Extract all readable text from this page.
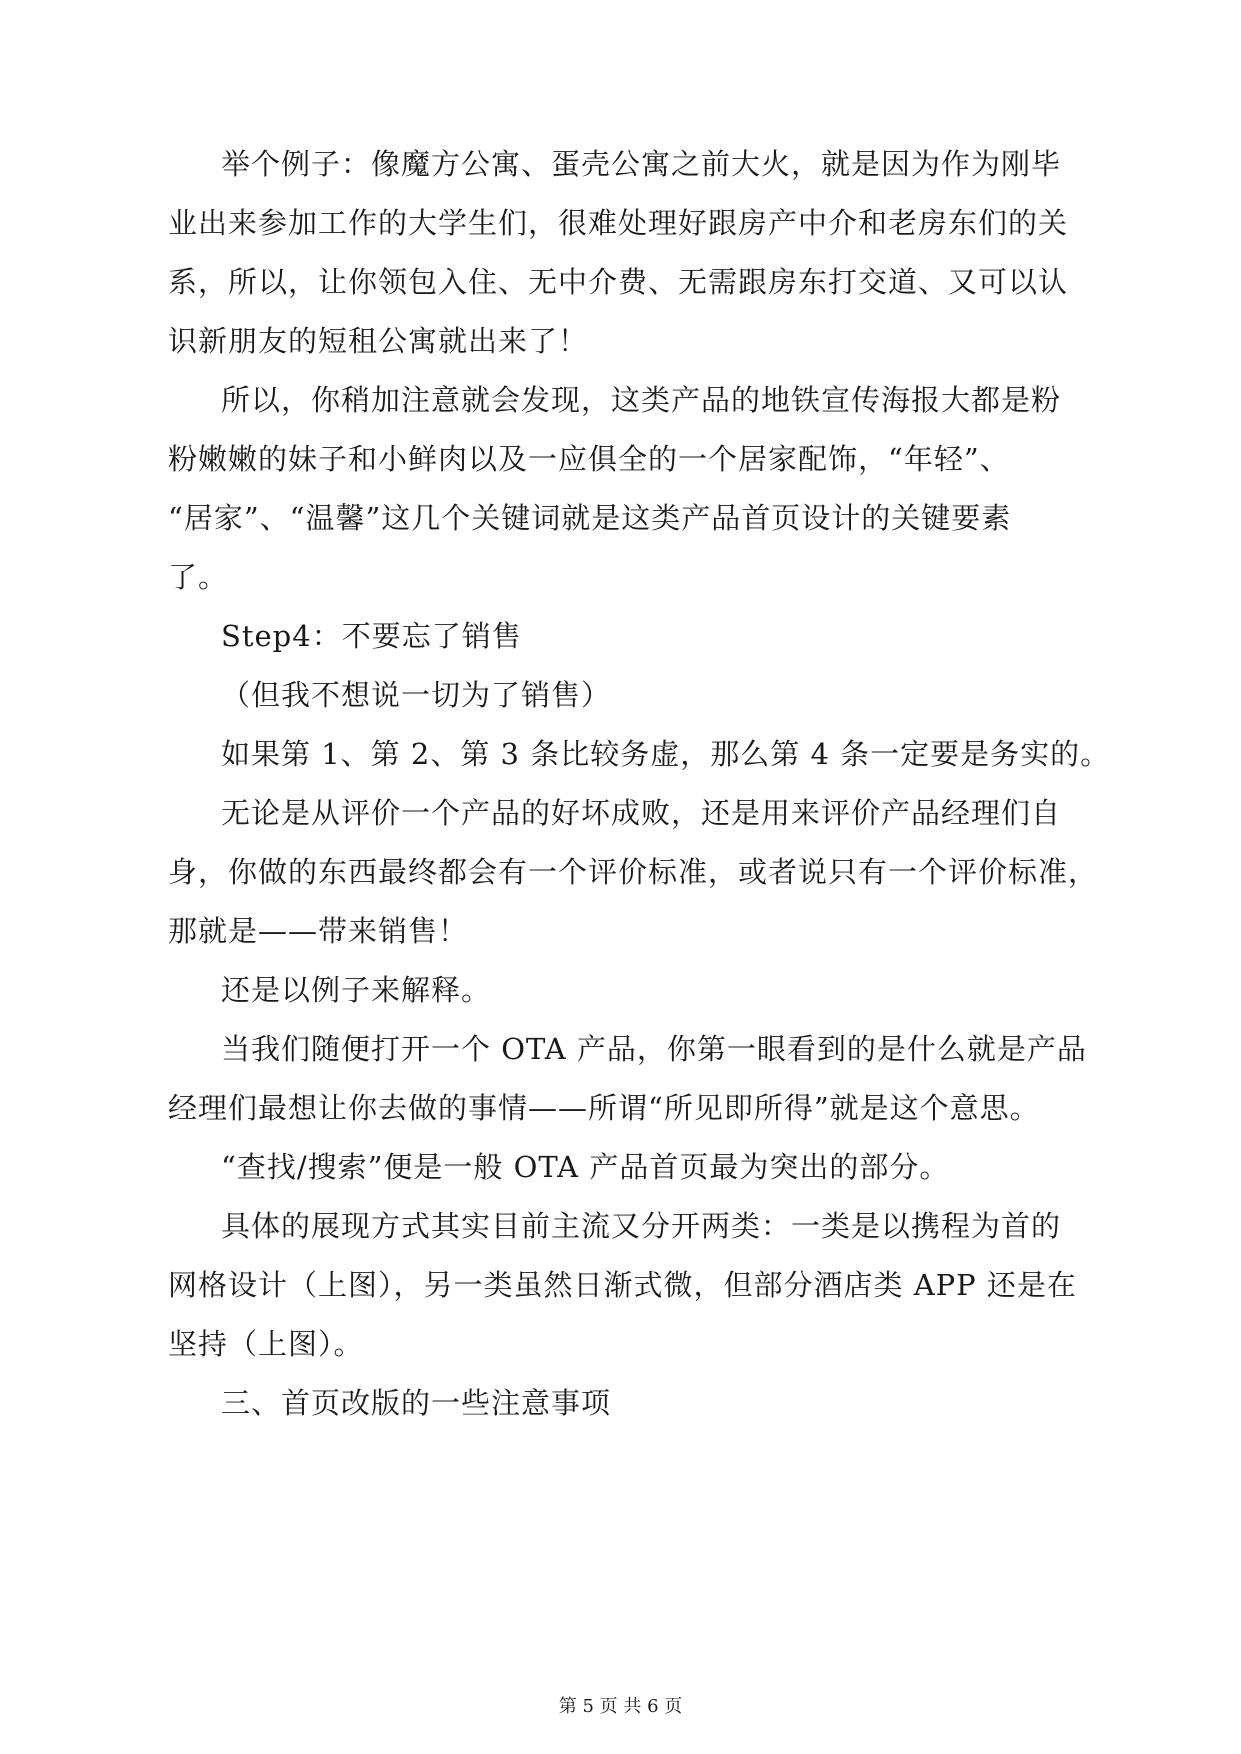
举个例子：像魔方公寓、蛋壳公寓之前大火，就是因为作为刚毕
业出来参加工作的大学生们，很难处理好跟房产中介和老房东们的关
系，所以，让你领包入住、无中介费、无需跟房东打交道、又可以认
识新朋友的短租公寓就出来了！
所以，你稍加注意就会发现，这类产品的地铁宣传海报大都是粉
粉嫩嫩的妹子和小鲜肉以及一应俱全的一个居家配饰，“年轻”、
“居家”、“温馨”这几个关键词就是这类产品首页设计的关键要素
了。
Step4：不要忘了销售
（但我不想说一切为了销售）
如果第 1、第 2、第 3 条比较务虚，那么第 4 条一定要是务实的。
无论是从评价一个产品的好坏成败，还是用来评价产品经理们自
身，你做的东西最终都会有一个评价标准，或者说只有一个评价标准，
那就是——带来销售！
还是以例子来解释。
当我们随便打开一个 OTA 产品，你第一眼看到的是什么就是产品
经理们最想让你去做的事情——所谓“所见即所得”就是这个意思。
“查找/搜索”便是一般 OTA 产品首页最为突出的部分。
具体的展现方式其实目前主流又分开两类：一类是以携程为首的
网格设计（上图），另一类虽然日渐式微，但部分酒店类 APP 还是在
坚持（上图）。
三、首页改版的一些注意事项
第 5 页 共 6 页
